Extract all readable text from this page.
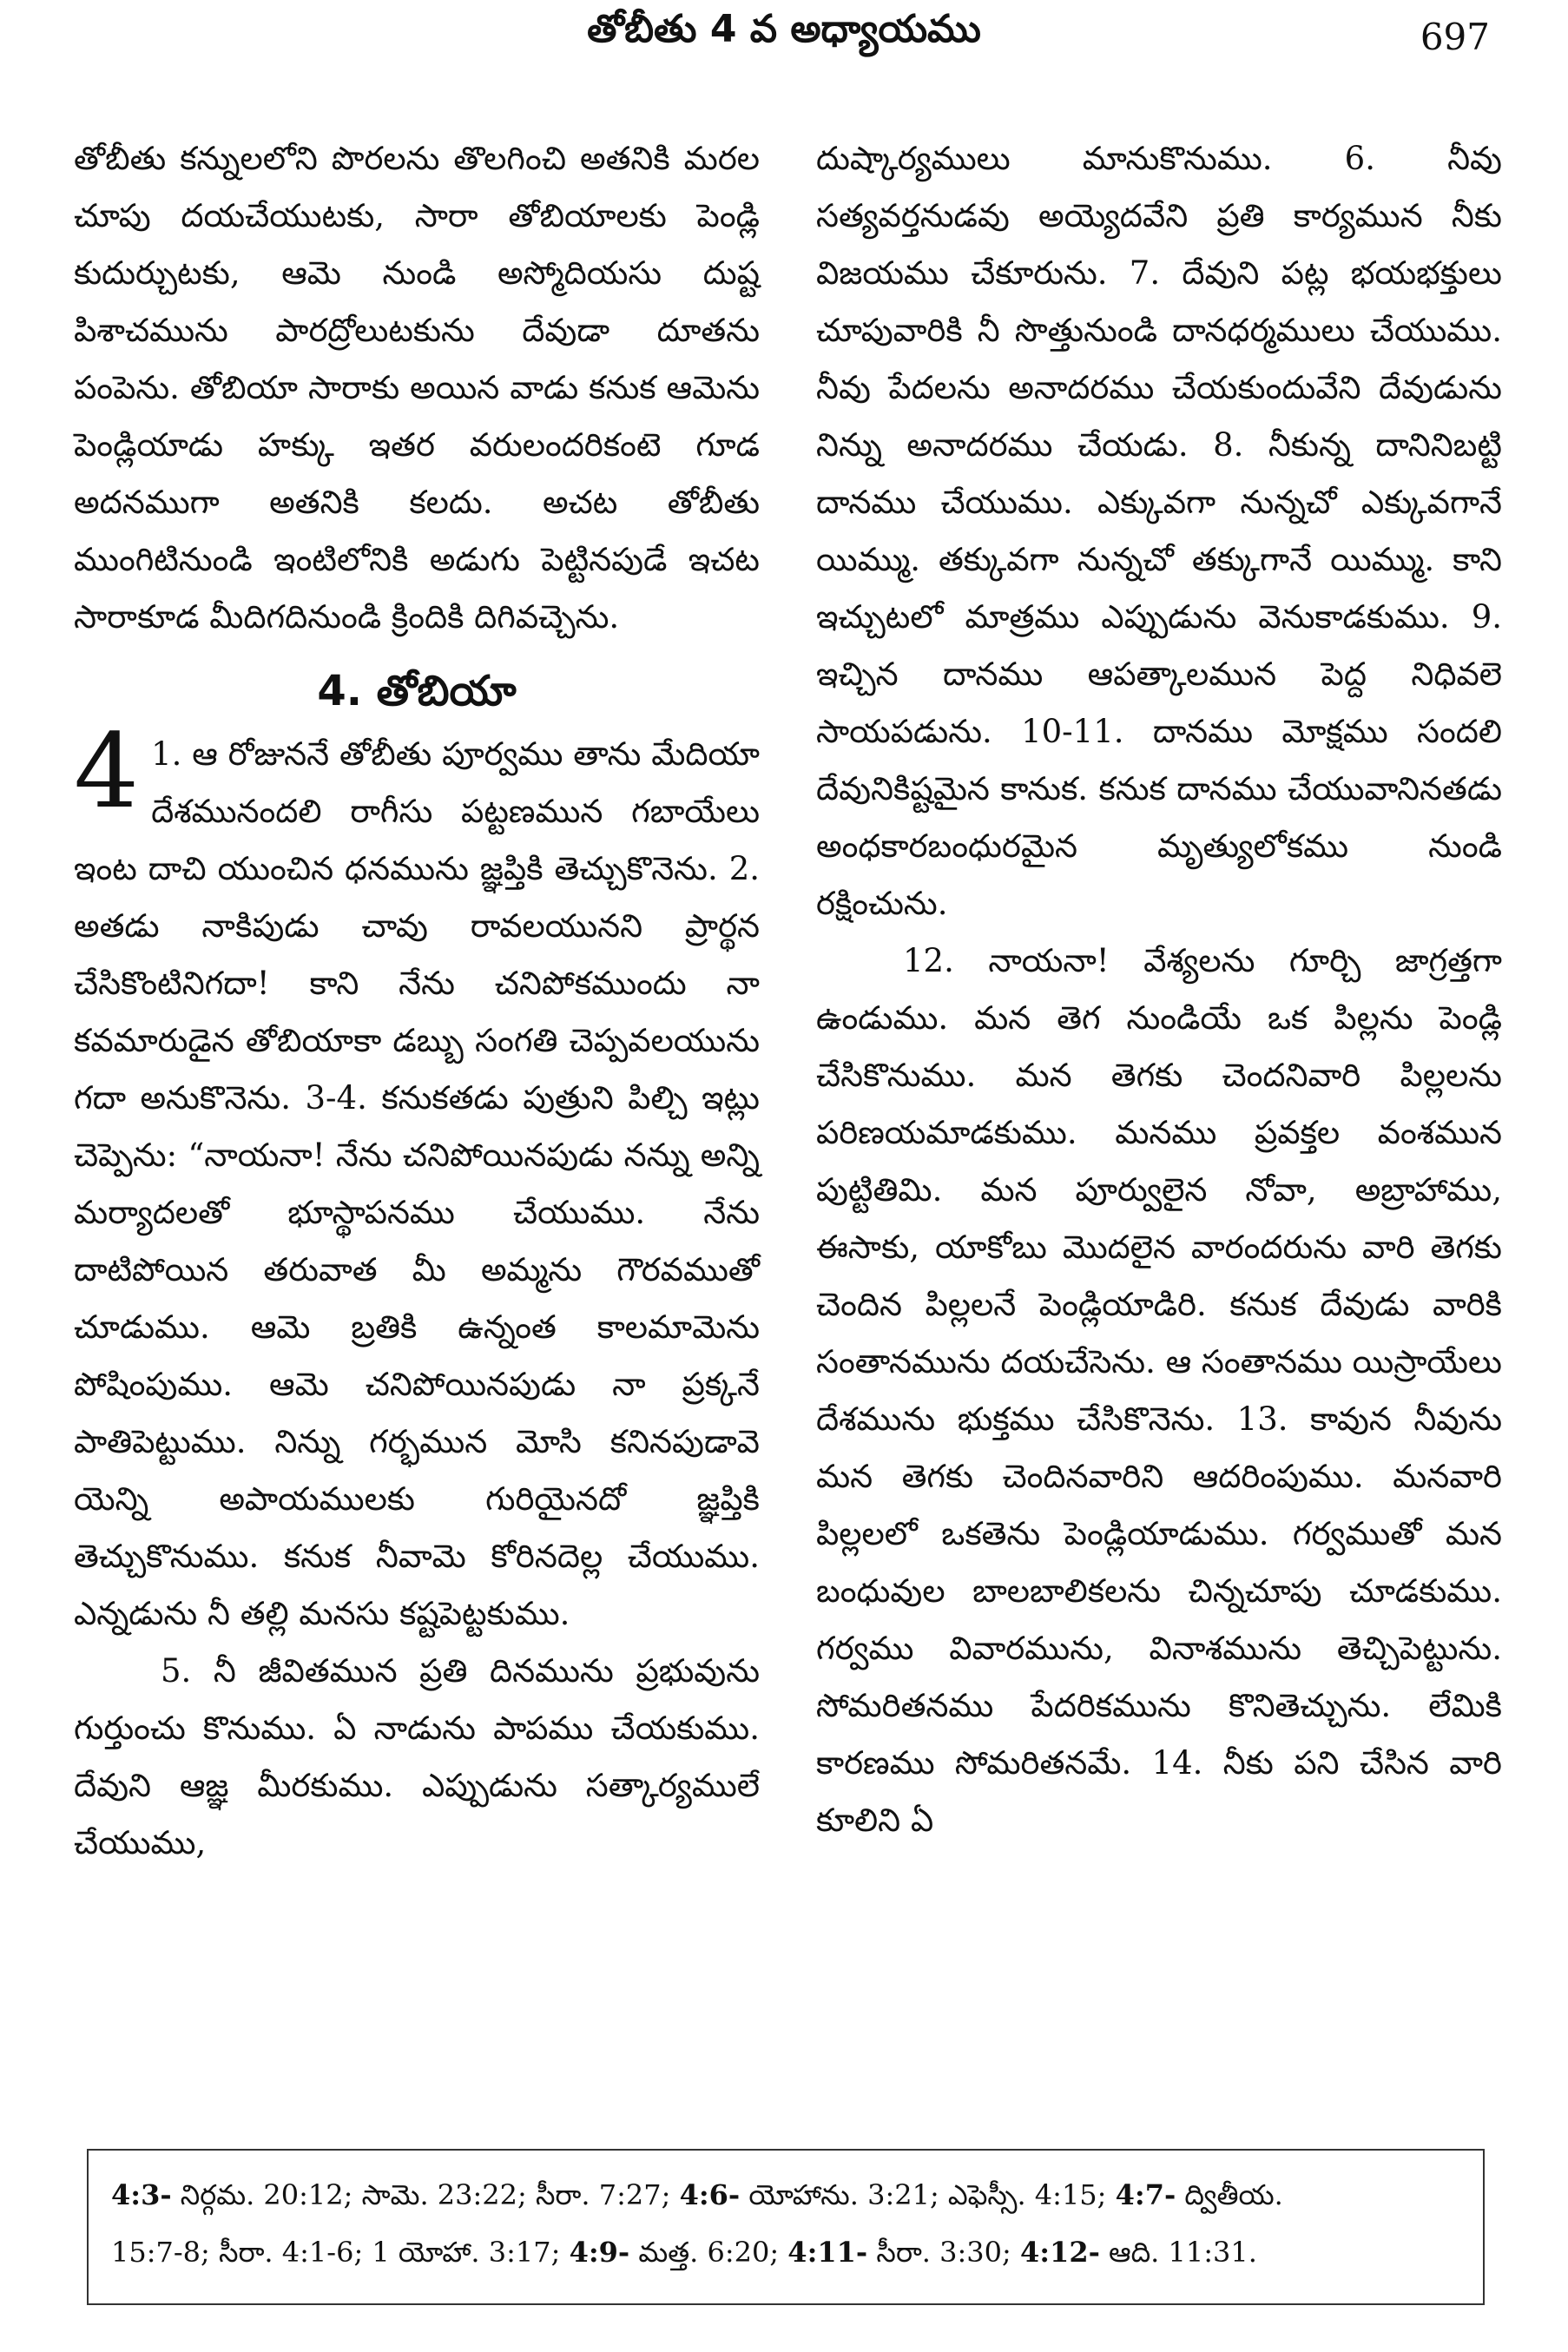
తోబీతు 4 వ అధ్యాయము	697

తోబీతు కన్నులలోని పొరలను తొలగించి అతనికి మరల చూపు దయచేయుటకు, సారా తోబియాలకు పెండ్లి కుదుర్చుటకు, ఆమె నుండి అస్మోదియసు దుష్ట పిశాచమును పారద్రోలుటకును దేవుడా దూతను పంపెను. తోబియా సారాకు అయిన వాడు కనుక ఆమెను పెండ్లియాడు హక్కు ఇతర వరులందరికంటె గూడ అదనముగా అతనికి కలదు. అచట తోబీతు ముంగిటినుండి ఇంటిలోనికి అడుగు పెట్టినపుడే ఇచట సారాకూడ మీదిగదినుండి క్రిందికి దిగివచ్చెను.

4. తోబియా

4 1. ఆ రోజుననే తోబీతు పూర్వము తాను మేదియా దేశమునందలి రాగీసు పట్టణమున గబాయేలు ఇంట దాచి యుంచిన ధనమును జ్ఞప్తికి తెచ్చుకొనెను. 2. అతడు నాకిపుడు చావు రావలయునని ప్రార్థన చేసికొంటినిగదా! కాని నేను చనిపోకముందు నా కవమారుడైన తోబియాకా డబ్బు సంగతి చెప్పవలయును గదా అనుకొనెను. 3-4. కనుకతడు పుత్రుని పిల్చి ఇట్లు చెప్పెను: “నాయనా! నేను చనిపోయినపుడు నన్ను అన్ని మర్యాదలతో భూస్థాపనము చేయుము. నేను దాటిపోయిన తరువాత మీ అమ్మను గౌరవముతో చూడుము. ఆమె బ్రతికి ఉన్నంత కాలమామెను పోషింపుము. ఆమె చనిపోయినపుడు నా ప్రక్కనే పాతిపెట్టుము. నిన్ను గర్భమున మోసి కనినపుడావె యెన్ని అపాయములకు గురియైనదో జ్ఞప్తికి తెచ్చుకొనుము. కనుక నీవామె కోరినదెల్ల చేయుము. ఎన్నడును నీ తల్లి మనసు కష్టపెట్టకుము.

5. నీ జీవితమున ప్రతి దినమును ప్రభువును గుర్తుంచు కొనుము. ఏ నాడును పాపము చేయకుము. దేవుని ఆజ్ఞ మీరకుము. ఎప్పుడును సత్కార్యములే చేయుము,

దుష్కార్యములు మానుకొనుము. 6. నీవు సత్యవర్తనుడవు అయ్యెదవేని ప్రతి కార్యమున నీకు విజయము చేకూరును. 7. దేవుని పట్ల భయభక్తులు చూపువారికి నీ సొత్తునుండి దానధర్మములు చేయుము. నీవు పేదలను అనాదరము చేయకుందువేని దేవుడును నిన్ను అనాదరము చేయడు. 8. నీకున్న దానినిబట్టి దానము చేయుము. ఎక్కువగా నున్నచో ఎక్కువగానే యిమ్ము. తక్కువగా నున్నచో తక్కుగానే యిమ్ము. కాని ఇచ్చుటలో మాత్రము ఎప్పుడును వెనుకాడకుము. 9. ఇచ్చిన దానము ఆపత్కాలమున పెద్ద నిధివలె సాయపడును. 10-11. దానము మోక్షము సందలి దేవునికిష్టమైన కానుక. కనుక దానము చేయువానినతడు అంధకారబంధురమైన మృత్యులోకము నుండి రక్షించును.

12. నాయనా! వేశ్యలను గూర్చి జాగ్రత్తగా ఉండుము. మన తెగ నుండియే ఒక పిల్లను పెండ్లి చేసికొనుము. మన తెగకు చెందనివారి పిల్లలను పరిణయమాడకుము. మనము ప్రవక్తల వంశమున పుట్టితిమి. మన పూర్వులైన నోవా, అబ్రాహాము, ఈసాకు, యాకోబు మొదలైన వారందరును వారి తెగకు చెందిన పిల్లలనే పెండ్లియాడిరి. కనుక దేవుడు వారికి సంతానమును దయచేసెను. ఆ సంతానము యిస్రాయేలు దేశమును భుక్తము చేసికొనెను. 13. కావున నీవును మన తెగకు చెందినవారిని ఆదరింపుము. మనవారి పిల్లలలో ఒకతెను పెండ్లియాడుము. గర్వముతో మన బంధువుల బాలబాలికలను చిన్నచూపు చూడకుము. గర్వము వివారమును, వినాశమును తెచ్చిపెట్టును. సోమరితనము పేదరికమును కొనితెచ్చును. లేమికి కారణము సోమరితనమే. 14. నీకు పని చేసిన వారి కూలిని ఏ

4:3- నిర్గమ. 20:12; సామె. 23:22; సీరా. 7:27; 4:6- యోహాను. 3:21; ఎఫెస్సీ. 4:15; 4:7- ద్వితీయ.
15:7-8; సీరా. 4:1-6; 1 యోహా. 3:17; 4:9- మత్త. 6:20; 4:11- సీరా. 3:30; 4:12- ఆది. 11:31.
